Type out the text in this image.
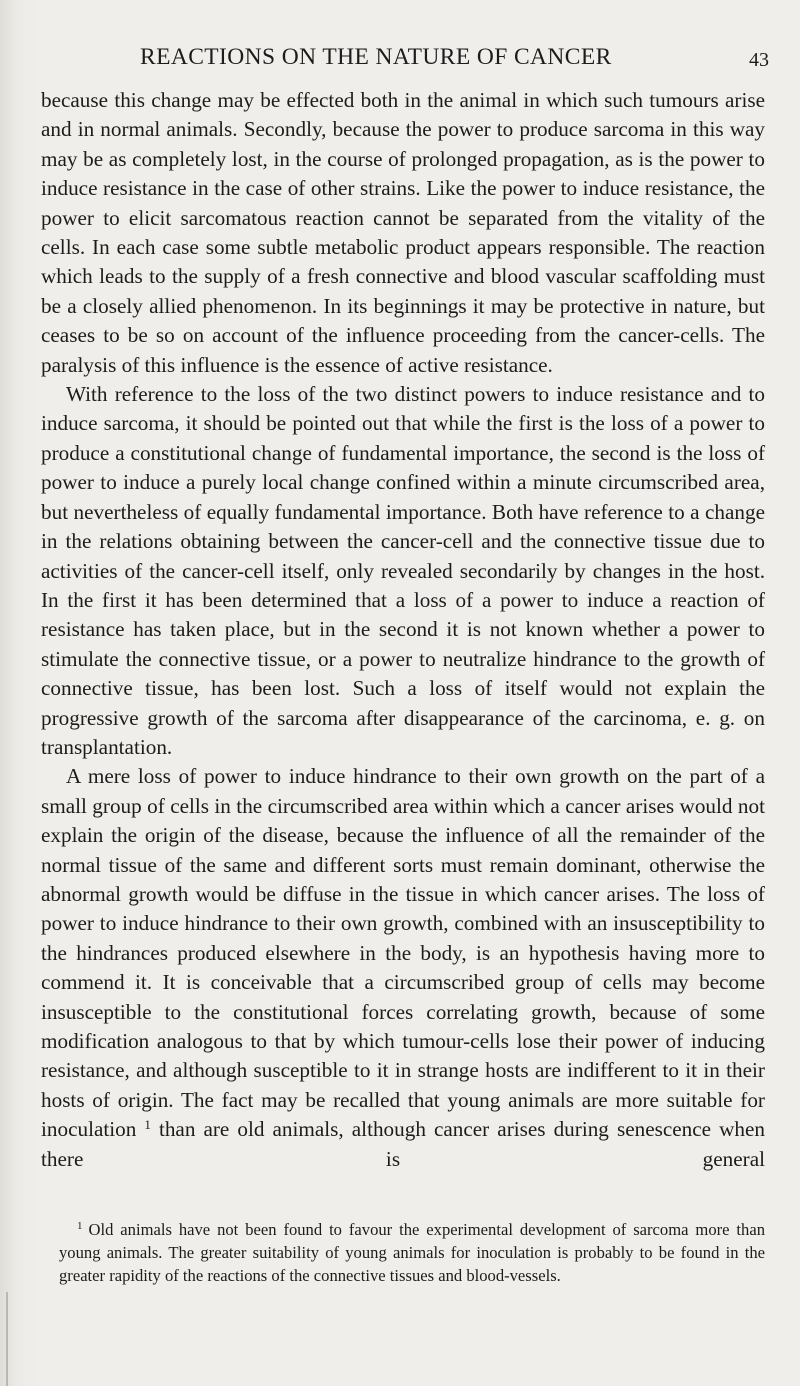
REACTIONS ON THE NATURE OF CANCER	43

because this change may be effected both in the animal in which such tumours arise and in normal animals. Secondly, because the power to produce sarcoma in this way may be as completely lost, in the course of prolonged propagation, as is the power to induce resistance in the case of other strains. Like the power to induce resistance, the power to elicit sarcomatous reaction cannot be separated from the vitality of the cells. In each case some subtle metabolic product appears responsible. The reaction which leads to the supply of a fresh connective and blood vascular scaffolding must be a closely allied phenomenon. In its beginnings it may be protective in nature, but ceases to be so on account of the influence proceeding from the cancer-cells. The paralysis of this influence is the essence of active resistance.

With reference to the loss of the two distinct powers to induce resistance and to induce sarcoma, it should be pointed out that while the first is the loss of a power to produce a constitutional change of fundamental importance, the second is the loss of power to induce a purely local change confined within a minute circumscribed area, but nevertheless of equally fundamental importance. Both have reference to a change in the relations obtaining between the cancer-cell and the connective tissue due to activities of the cancer-cell itself, only revealed secondarily by changes in the host. In the first it has been determined that a loss of a power to induce a reaction of resistance has taken place, but in the second it is not known whether a power to stimulate the connective tissue, or a power to neutralize hindrance to the growth of connective tissue, has been lost. Such a loss of itself would not explain the progressive growth of the sarcoma after disappearance of the carcinoma, e. g. on transplantation.

A mere loss of power to induce hindrance to their own growth on the part of a small group of cells in the circumscribed area within which a cancer arises would not explain the origin of the disease, because the influence of all the remainder of the normal tissue of the same and different sorts must remain dominant, otherwise the abnormal growth would be diffuse in the tissue in which cancer arises. The loss of power to induce hindrance to their own growth, combined with an insusceptibility to the hindrances produced elsewhere in the body, is an hypothesis having more to commend it. It is conceivable that a circumscribed group of cells may become insusceptible to the constitutional forces correlating growth, because of some modification analogous to that by which tumour-cells lose their power of inducing resistance, and although susceptible to it in strange hosts are indifferent to it in their hosts of origin. The fact may be recalled that young animals are more suitable for inoculation $^1$ than are old animals, although cancer arises during senescence when there is general

$^1$ Old animals have not been found to favour the experimental development of sarcoma more than young animals. The greater suitability of young animals for inoculation is probably to be found in the greater rapidity of the reactions of the connective tissues and blood-vessels.
